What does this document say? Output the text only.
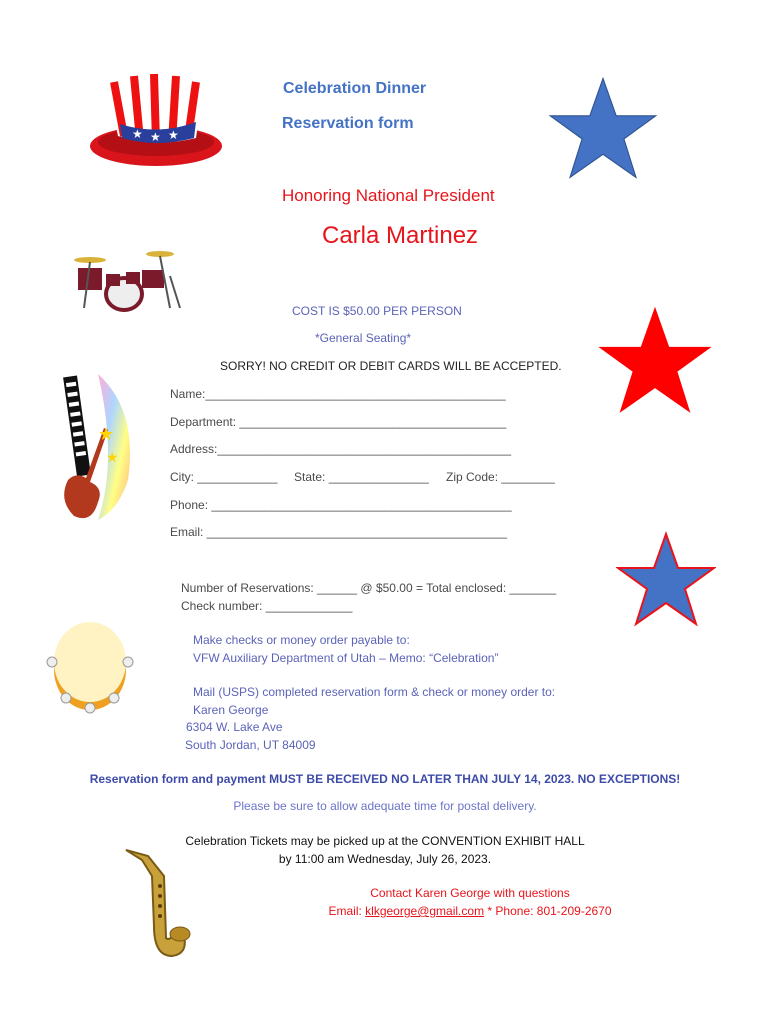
★ ★ ★
★
★
Celebration Dinner
Reservation form
Honoring National President
Carla Martinez
COST IS $50.00 PER PERSON
*General Seating*
SORRY! NO CREDIT OR DEBIT CARDS WILL BE ACCEPTED.
Name:_____________________________________________
Department: ________________________________________
Address:____________________________________________
City: ____________ State: _______________ Zip Code: ________
Phone: _____________________________________________
Email: _____________________________________________
Number of Reservations: ______ @ $50.00 = Total enclosed: _______
Check number: _____________
Make checks or money order payable to:
VFW Auxiliary Department of Utah – Memo: “Celebration”
Mail (USPS) completed reservation form & check or money order to:
Karen George
6304 W. Lake Ave
South Jordan, UT 84009
Reservation form and payment MUST BE RECEIVED NO LATER THAN JULY 14, 2023. NO EXCEPTIONS!
Please be sure to allow adequate time for postal delivery.
Celebration Tickets may be picked up at the CONVENTION EXHIBIT HALL
by 11:00 am Wednesday, July 26, 2023.
Contact Karen George with questions
Email: klkgeorge@gmail.com * Phone: 801-209-2670
